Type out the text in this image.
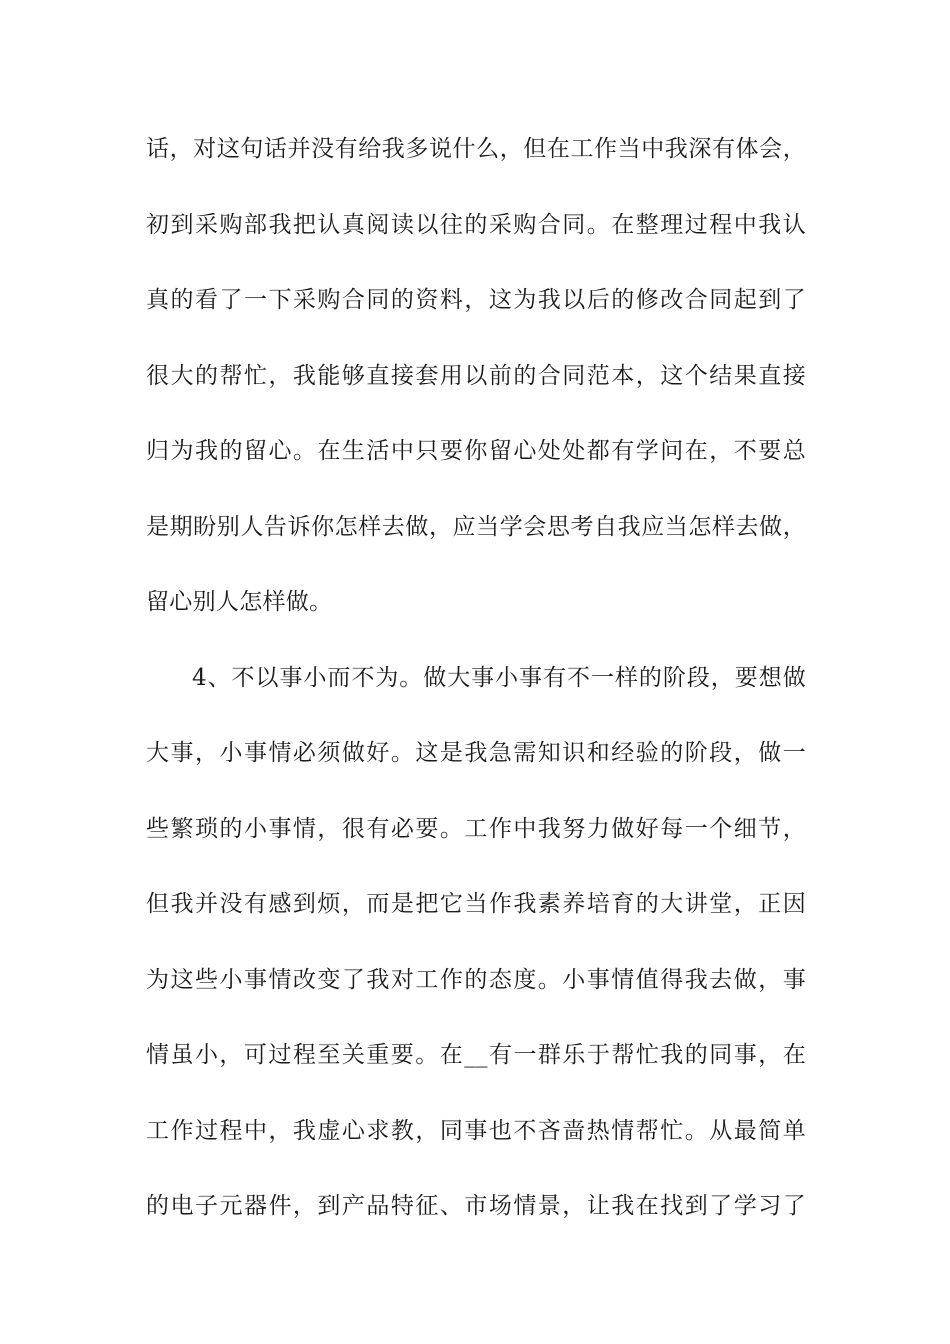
话，对这句话并没有给我多说什么，但在工作当中我深有体会，
初到采购部我把认真阅读以往的采购合同。在整理过程中我认
真的看了一下采购合同的资料，这为我以后的修改合同起到了
很大的帮忙，我能够直接套用以前的合同范本，这个结果直接
归为我的留心。在生活中只要你留心处处都有学问在，不要总
是期盼别人告诉你怎样去做，应当学会思考自我应当怎样去做，
留心别人怎样做。
4、不以事小而不为。做大事小事有不一样的阶段，要想做
大事，小事情必须做好。这是我急需知识和经验的阶段，做一
些繁琐的小事情，很有必要。工作中我努力做好每一个细节，
但我并没有感到烦，而是把它当作我素养培育的大讲堂，正因
为这些小事情改变了我对工作的态度。小事情值得我去做，事
情虽小，可过程至关重要。在__有一群乐于帮忙我的同事，在
工作过程中，我虚心求教，同事也不吝啬热情帮忙。从最简单
的电子元器件，到产品特征、市场情景，让我在找到了学习了
